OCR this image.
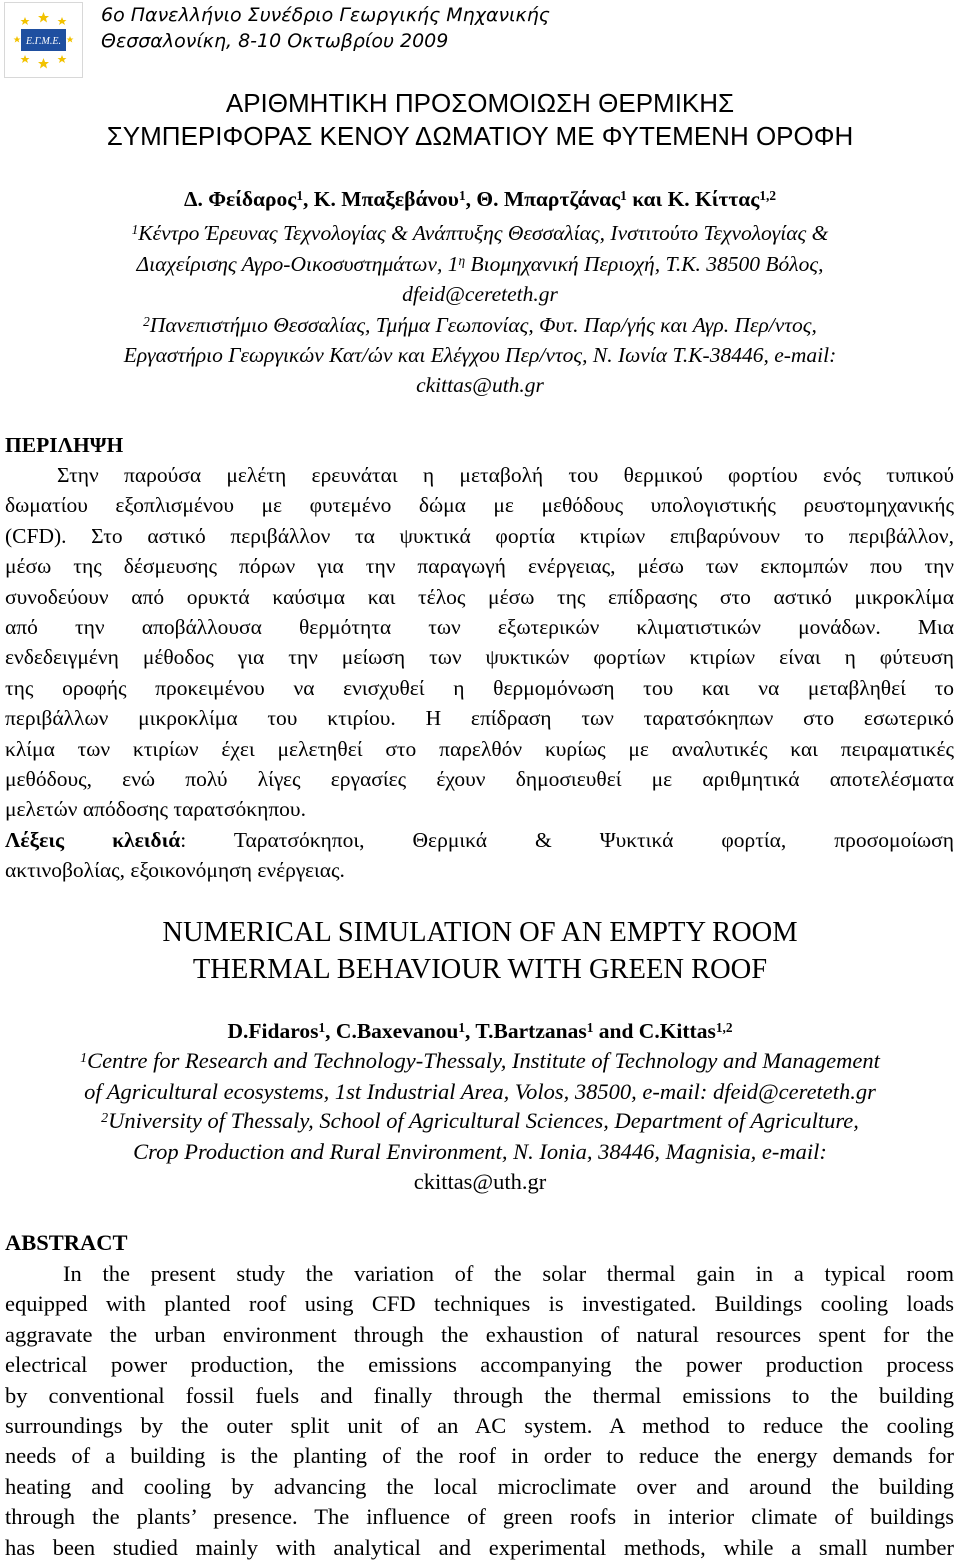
Ε.Γ.Μ.Ε.
6ο Πανελλήνιο Συνέδριο Γεωργικής Μηχανικής
Θεσσαλονίκη, 8-10 Οκτωβρίου 2009
ΑΡΙΘΜΗΤΙΚΗ ΠΡΟΣΟΜΟΙΩΣΗ ΘΕΡΜΙΚΗΣ
ΣΥΜΠΕΡΙΦΟΡΑΣ ΚΕΝΟΥ ΔΩΜΑΤΙΟΥ ΜΕ ΦΥΤΕΜΕΝΗ ΟΡΟΦΗ
Δ. Φείδαρος$^1$, Κ. Μπαξεβάνου$^1$, Θ. Μπαρτζάνας$^1$ και Κ. Κίττας$^{1,2}$
$^1$Κέντρο Έρευνας Τεχνολογίας & Ανάπτυξης Θεσσαλίας, Ινστιτούτο Τεχνολογίας &
Διαχείρισης Αγρο-Οικοσυστημάτων, $1^\eta$ Βιομηχανική Περιοχή, Τ.Κ. 38500 Βόλος,
dfeid@cereteth.gr
$^2$Πανεπιστήμιο Θεσσαλίας, Τμήμα Γεωπονίας, Φυτ. Παρ/γής και Αγρ. Περ/ντος,
Εργαστήριο Γεωργικών Κατ/ών και Ελέγχου Περ/ντος, Ν. Ιωνία Τ.Κ-38446, e-mail:
ckittas@uth.gr
ΠΕΡΙΛΗΨΗ
Στην παρούσα μελέτη ερευνάται η μεταβολή του θερμικού φορτίου ενός τυπικού
δωματίου εξοπλισμένου με φυτεμένο δώμα με μεθόδους υπολογιστικής ρευστομηχανικής
(CFD). Στο αστικό περιβάλλον τα ψυκτικά φορτία κτιρίων επιβαρύνουν το περιβάλλον,
μέσω της δέσμευσης πόρων για την παραγωγή ενέργειας, μέσω των εκπομπών που την
συνοδεύουν από ορυκτά καύσιμα και τέλος μέσω της επίδρασης στο αστικό μικροκλίμα
από την αποβάλλουσα θερμότητα των εξωτερικών κλιματιστικών μονάδων. Μια
ενδεδειγμένη μέθοδος για την μείωση των ψυκτικών φορτίων κτιρίων είναι η φύτευση
της οροφής προκειμένου να ενισχυθεί η θερμομόνωση του και να μεταβληθεί το
περιβάλλων μικροκλίμα του κτιρίου. Η επίδραση των ταρατσόκηπων στο εσωτερικό
κλίμα των κτιρίων έχει μελετηθεί στο παρελθόν κυρίως με αναλυτικές και πειραματικές
μεθόδους, ενώ πολύ λίγες εργασίες έχουν δημοσιευθεί με αριθμητικά αποτελέσματα
μελετών απόδοσης ταρατσόκηπου.
Λέξεις κλειδιά: Ταρατσόκηποι, Θερμικά & Ψυκτικά φορτία, προσομοίωση
ακτινοβολίας, εξοικονόμηση ενέργειας.
NUMERICAL SIMULATION OF AN EMPTY ROOM
THERMAL BEHAVIOUR WITH GREEN ROOF
D.Fidaros$^1$, C.Baxevanou$^1$, T.Bartzanas$^1$ and C.Kittas$^{1,2}$
$^1$Centre for Research and Technology-Thessaly, Institute of Technology and Management
of Agricultural ecosystems, 1st Industrial Area, Volos, 38500, e-mail: dfeid@cereteth.gr
$^2$University of Thessaly, School of Agricultural Sciences, Department of Agriculture,
Crop Production and Rural Environment, N. Ionia, 38446, Magnisia, e-mail:
ckittas@uth.gr
ABSTRACT
In the present study the variation of the solar thermal gain in a typical room
equipped with planted roof using CFD techniques is investigated. Buildings cooling loads
aggravate the urban environment through the exhaustion of natural resources spent for the
electrical power production, the emissions accompanying the power production process
by conventional fossil fuels and finally through the thermal emissions to the building
surroundings by the outer split unit of an AC system. A method to reduce the cooling
needs of a building is the planting of the roof in order to reduce the energy demands for
heating and cooling by advancing the local microclimate over and around the building
through the plants’ presence. The influence of green roofs in interior climate of buildings
has been studied mainly with analytical and experimental methods, while a small number
